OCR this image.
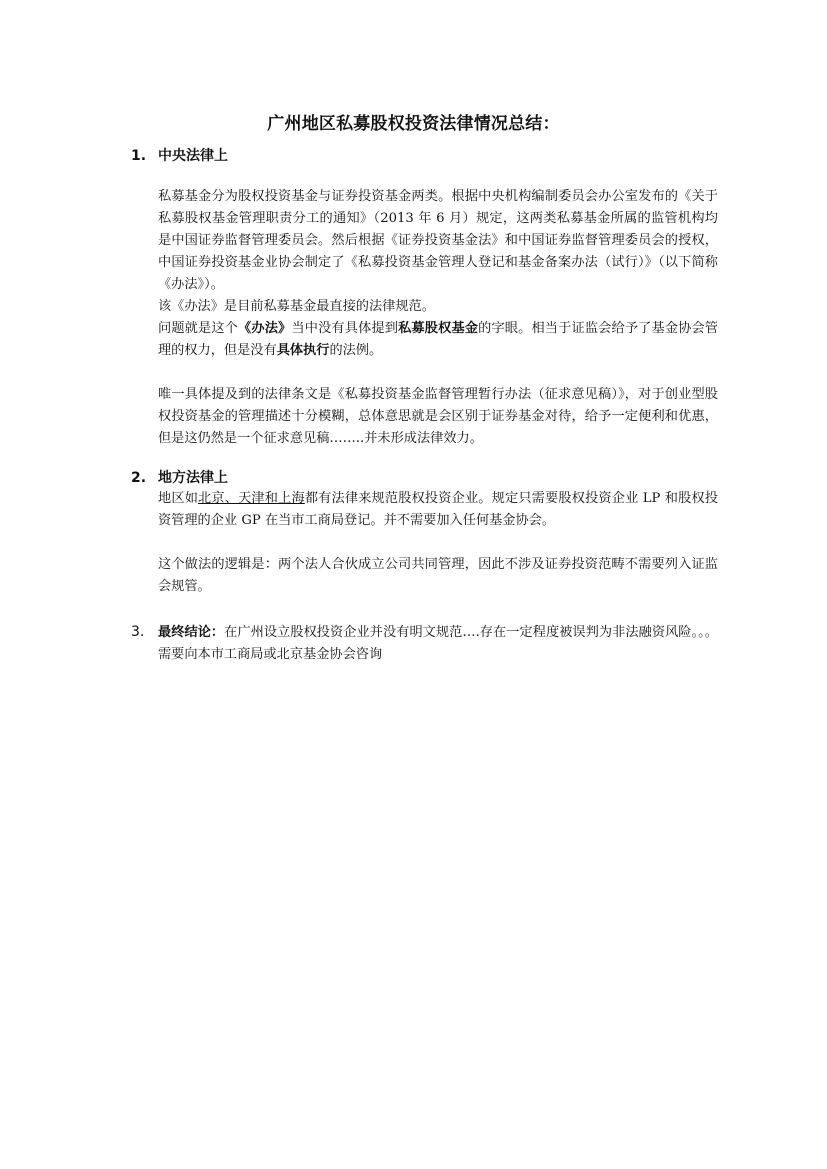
广州地区私募股权投资法律情况总结：
1. 中央法律上

私募基金分为股权投资基金与证券投资基金两类。根据中央机构编制委员会办公室发布的《关于私募股权基金管理职责分工的通知》（2013 年 6 月）规定，这两类私募基金所属的监管机构均是中国证券监督管理委员会。然后根据《证券投资基金法》和中国证券监督管理委员会的授权，中国证券投资基金业协会制定了《私募投资基金管理人登记和基金备案办法（试行）》（以下简称《办法》）。

该《办法》是目前私募基金最直接的法律规范。

问题就是这个《办法》当中没有具体提到私募股权基金的字眼。相当于证监会给予了基金协会管理的权力，但是没有具体执行的法例。

唯一具体提及到的法律条文是《私募投资基金监督管理暂行办法（征求意见稿）》，对于创业型股权投资基金的管理描述十分模糊，总体意思就是会区别于证券基金对待，给予一定便利和优惠，但是这仍然是一个征求意见稿……..并未形成法律效力。

2. 地方法律上

地区如北京、天津和上海都有法律来规范股权投资企业。规定只需要股权投资企业 LP 和股权投资管理的企业 GP 在当市工商局登记。并不需要加入任何基金协会。

这个做法的逻辑是：两个法人合伙成立公司共同管理，因此不涉及证券投资范畴不需要列入证监会规管。

3. 最终结论：在广州设立股权投资企业并没有明文规范….存在一定程度被误判为非法融资风险。。。需要向本市工商局或北京基金协会咨询
